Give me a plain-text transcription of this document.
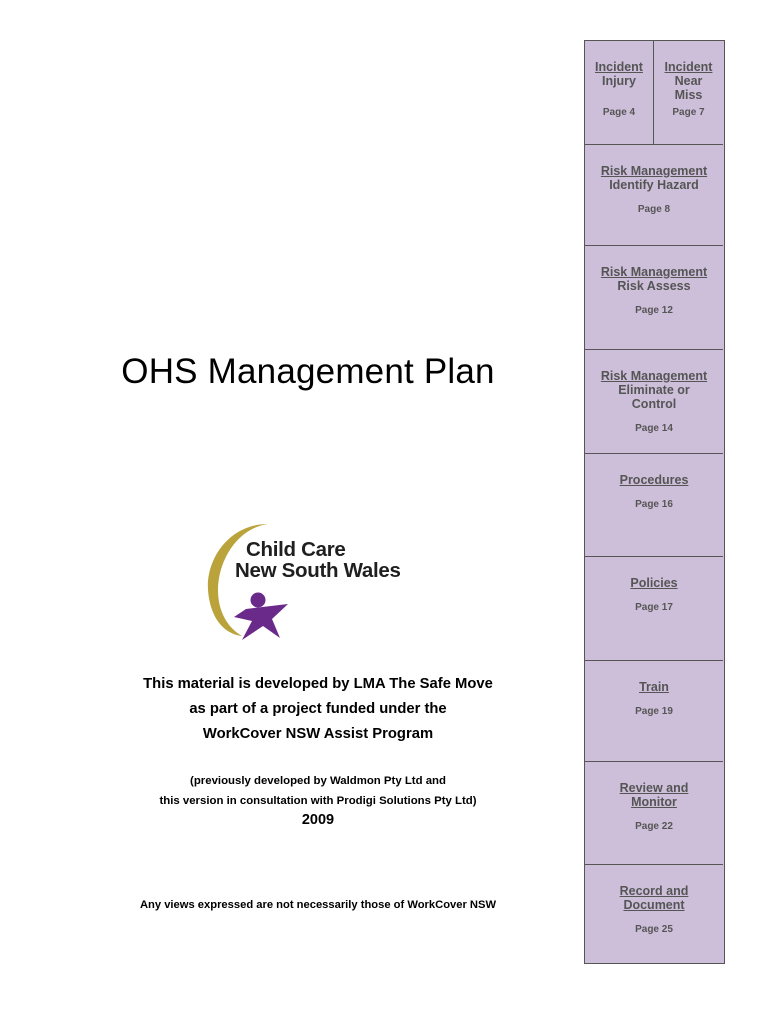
OHS Management Plan
Child Care
New South Wales
This material is developed by LMA The Safe Move
as part of a project funded under the
WorkCover NSW Assist Program
(previously developed by Waldmon Pty Ltd and
this version in consultation with Prodigi Solutions Pty Ltd)
2009
Any views expressed are not necessarily those of WorkCover NSW
Incident
Injury
Page 4
Incident
Near
Miss
Page 7
Risk Management
Identify Hazard
Page 8
Risk Management
Risk Assess
Page 12
Risk Management
Eliminate or
Control
Page 14
Procedures
Page 16
Policies
Page 17
Train
Page 19
Review and
Monitor
Page 22
Record and
Document
Page 25
